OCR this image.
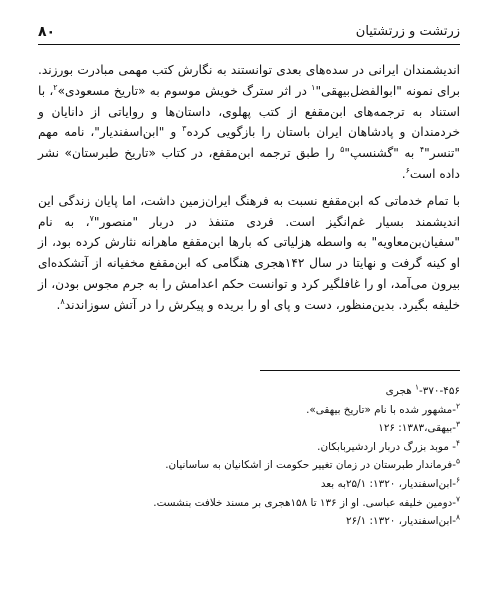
۸۰	زرتشت و زرتشتیان

اندیشمندان ایرانی در سده‌های بعدی توانستند به نگارش کتب مهمی مبادرت بورزند. برای نمونه "ابوالفضل‌بیهقی"$^۱$ در اثر سترگ خویش موسوم به «تاریخ مسعودی»$^۲$، با استناد به ترجمه‌های ابن‌مقفع از کتب پهلوی، داستان‌ها و روایاتی از دانایان و خردمندان و پادشاهان ایران باستان را بازگویی کرده$^۳$ و "ابن‌اسفندیار"، نامه مهم "تنسر"$^۴$ به "گشنسپ"$^۵$ را طبق ترجمه ابن‌مقفع، در کتاب «تاریخ طبرستان» نشر داده است$^۶$.

با تمام خدماتی که ابن‌مقفع نسبت به فرهنگ ایران‌زمین داشت، اما پایان زندگی این اندیشمند بسیار غم‌انگیز است. فردی متنفذ در دربار "منصور"$^۷$، به نام "سفیان‌بن‌معاویه" به واسطه هزلیاتی که بارها ابن‌مقفع ماهرانه نثارش کرده بود، از او کینه گرفت و نهایتا در سال ۱۴۲هجری هنگامی که ابن‌مقفع مخفیانه از آتشکده‌ای بیرون می‌آمد، او را غافلگیر کرد و توانست حکم اعدامش را به جرم مجوس بودن، از خلیفه بگیرد. بدین‌منظور، دست و پای او را بریده و پیکرش را در آتش سوزاندند$^۸$.

$^۱$-۳۷۰-۴۵۶ هجری

$^۲$-مشهور شده با نام «تاریخ بیهقی».

$^۳$-بیهقی،۱۳۸۳: ۱۲۶

$^۴$- موبد بزرگ دربار اردشیربابکان.

$^۵$-فرماندار طبرستان در زمان تغییر حکومت از اشکانیان به ساسانیان.

$^۶$-ابن‌اسفندیار، ۱۳۲۰: ۲۵/۱به بعد

$^۷$-دومین خلیفه عباسی. او از ۱۳۶ تا ۱۵۸هجری بر مسند خلافت بنشست.

$^۸$-ابن‌اسفندیار، ۱۳۲۰: ۲۶/۱
